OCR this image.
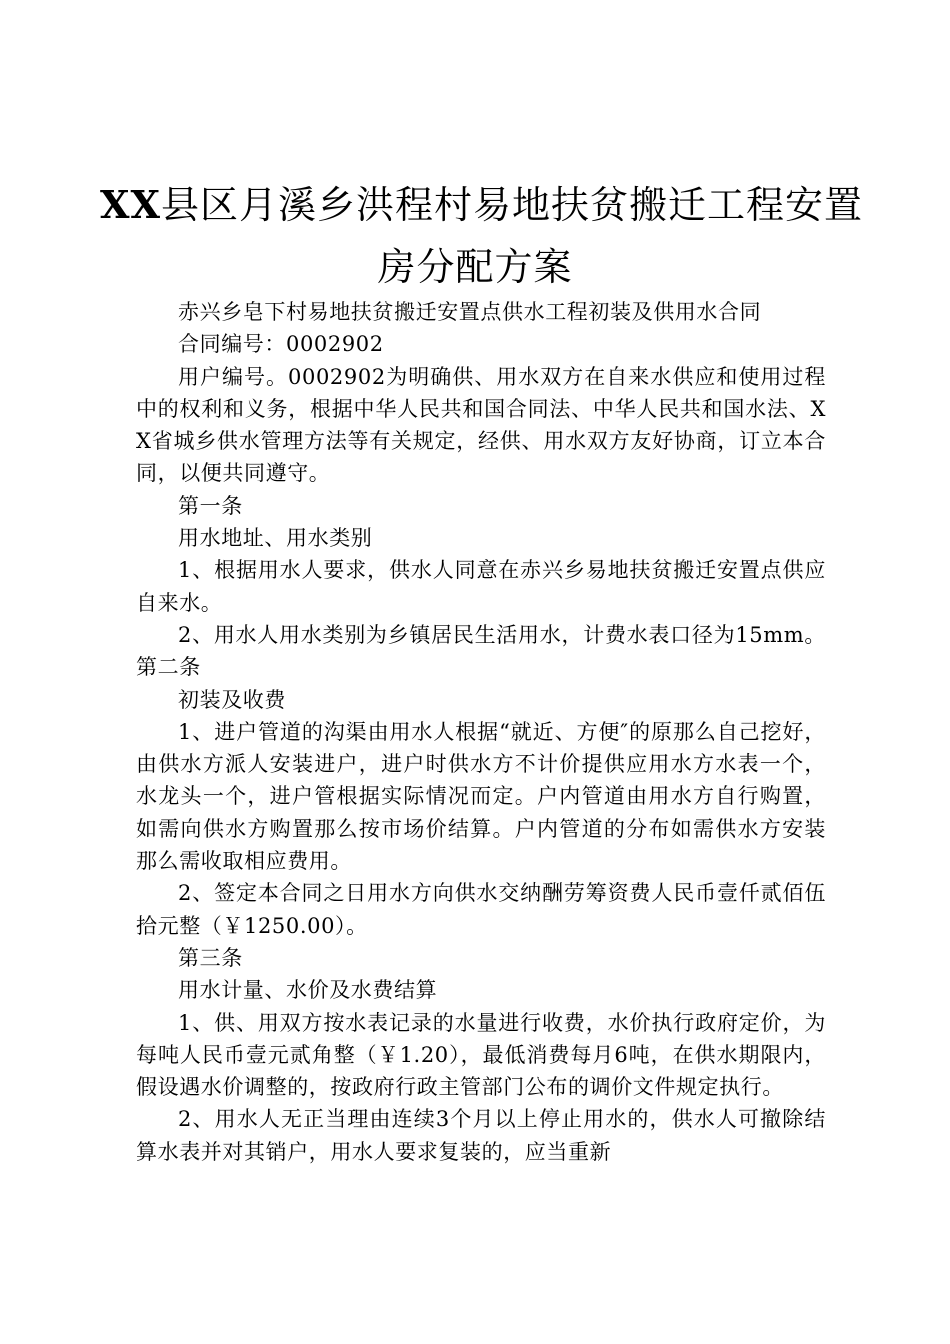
XX县区月溪乡洪程村易地扶贫搬迁工程安置
房分配方案

赤兴乡皂下村易地扶贫搬迁安置点供水工程初装及供用水合同

合同编号：0002902

用户编号。0002902为明确供、用水双方在自来水供应和使用过程中的权利和义务，根据中华人民共和国合同法、中华人民共和国水法、XX省城乡供水管理方法等有关规定，经供、用水双方友好协商，订立本合同，以便共同遵守。

第一条

用水地址、用水类别

1、根据用水人要求，供水人同意在赤兴乡易地扶贫搬迁安置点供应自来水。

2、用水人用水类别为乡镇居民生活用水，计费水表口径为15mm。第二条

初装及收费

1、进户管道的沟渠由用水人根据“就近、方便″的原那么自己挖好，由供水方派人安装进户，进户时供水方不计价提供应用水方水表一个，水龙头一个，进户管根据实际情况而定。户内管道由用水方自行购置，如需向供水方购置那么按市场价结算。户内管道的分布如需供水方安装那么需收取相应费用。

2、签定本合同之日用水方向供水交纳酬劳筹资费人民币壹仟贰佰伍拾元整（￥1250.00）。

第三条

用水计量、水价及水费结算

1、供、用双方按水表记录的水量进行收费，水价执行政府定价，为每吨人民币壹元贰角整（￥1.20），最低消费每月6吨，在供水期限内，假设遇水价调整的，按政府行政主管部门公布的调价文件规定执行。

2、用水人无正当理由连续3个月以上停止用水的，供水人可撤除结算水表并对其销户，用水人要求复装的，应当重新
